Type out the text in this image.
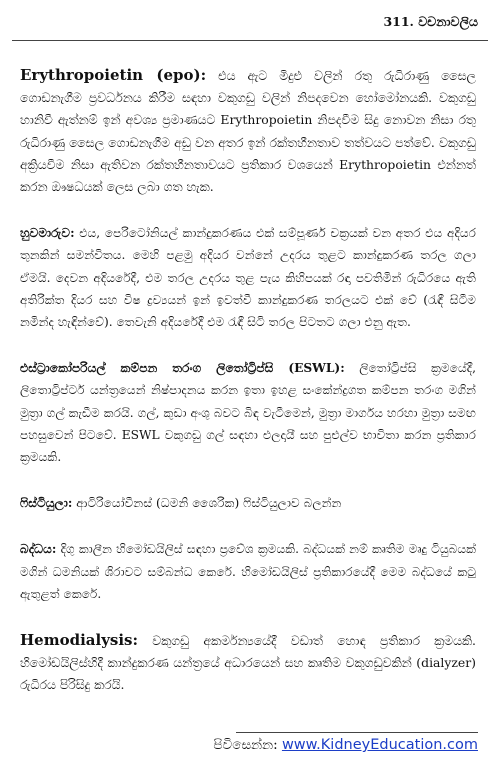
311. වචනාවලිය

Erythropoietin (epo): එය ඇට මිදුළු වලින් රතු රුධිරාණු සෛල ගොඩනැගීම ප්‍රවර්ධනය කිරීම සඳහා වකුගඩු වලින් නිපදවෙන හෝමෝනයකි. වකුගඩු හානිවී ඇත්නම් ඉන් අවශ්‍ය ප්‍රමාණයට Erythropoietin නිපදවීම සිදු නොවන නිසා රතු රුධිරාණු සෛල ගොඩනැගීම අඩු වන අතර ඉන් රක්තහීනතාව තත්වයට පත්වේ. වකුගඩු අක්‍රියවීම නිසා ඇතිවන රක්තහීනතාවයට ප්‍රතිකාර වශයෙන් Erythropoietin එන්නත් කරන ඖෂධයක් ලෙස ලබා ගත හැක.

හුවමාරුව: එය, පෙරිටෝනියල් කාන්දුකරණය එක් සම්පූර්ණ චක්‍රයක් වන අතර එය අදියර තුනකින් සමන්විතය. මෙහි පළමු අදියර වන්නේ උදරය තුළට කාන්දුකරණ තරල ගලා ඒමයි. දෙවන අදියරේදී, එම තරල උදරය තුළ පැය කිහිපයක් රඳා පවතිමින් රුධිරයෙ ඇති අතිරික්ත දියර සහ විෂ ද්‍රව්‍යයන් ඉන් ඉවත්වී කාන්දුකරණ තරලයට එක් වේ (රැඳී සිටීම නමින්ද හැඳින්වේ). තෙවැනි අදියරේදී එම රැඳී සිටි තරල පිටතට ගලා එනු ඇත.

එස්ට්‍රාකෝපරියල් කම්පන තරංග ලිතෝට්‍රිප්සි (ESWL): ලිතෝට්‍රිප්සි ක්‍රමයේදී, ලිතොට්‍රිප්ටර් යන්ත්‍රයෙන් නිෂ්පාදනය කරන ඉතා ඉහළ සංකේන්ද්‍රගත කම්පන තරංග මගින් මුත්‍රා ගල් කැඩීම කරයි. ගල්, කුඩා අංශු බවට බිඳ වැටීමෙන්, මුත්‍රා මාර්ගය හරහා මුත්‍රා සමඟ පහසුවෙන් පිටවේ. ESWL වකුගඩු ගල් සඳහා එලදායී සහ පුළුල්ව භාවිතා කරන ප්‍රතිකාර ක්‍රමයකි.

ෆිස්ටියුලා: ආටිරියෝවීනස් (ධමනි ශෛරික) ෆිස්ටියුලාව බලන්න

බද්ධය: දිගු කාලීන හිමෝඩයිලිස් සඳහා ප්‍රවේශ ක්‍රමයකි. බද්ධයක් නම් කෘතිම මෘදු ටියුබයක් මගින් ධමනියක් ශිරාවට සම්බන්ධ කෙරේ. හිමෝඩයිලිස් ප්‍රතිකාරයේදී මෙම බද්ධයේ කටු ඇතුළත් කෙරේ.

Hemodialysis: වකුගඩු අකර්මන්‍යයේදී වඩාත් හොඳ ප්‍රතිකාර ක්‍රමයකි. හිමෝඩයිලිස්හිදී කාන්දුකරණ යන්ත්‍රයේ අධාරයෙන් සහ කෘතිම වකුගඩුවකින් (dialyzer) රුධිරය පිරිසිදු කරයි.

පිවිසෙන්න: www.KidneyEducation.com
